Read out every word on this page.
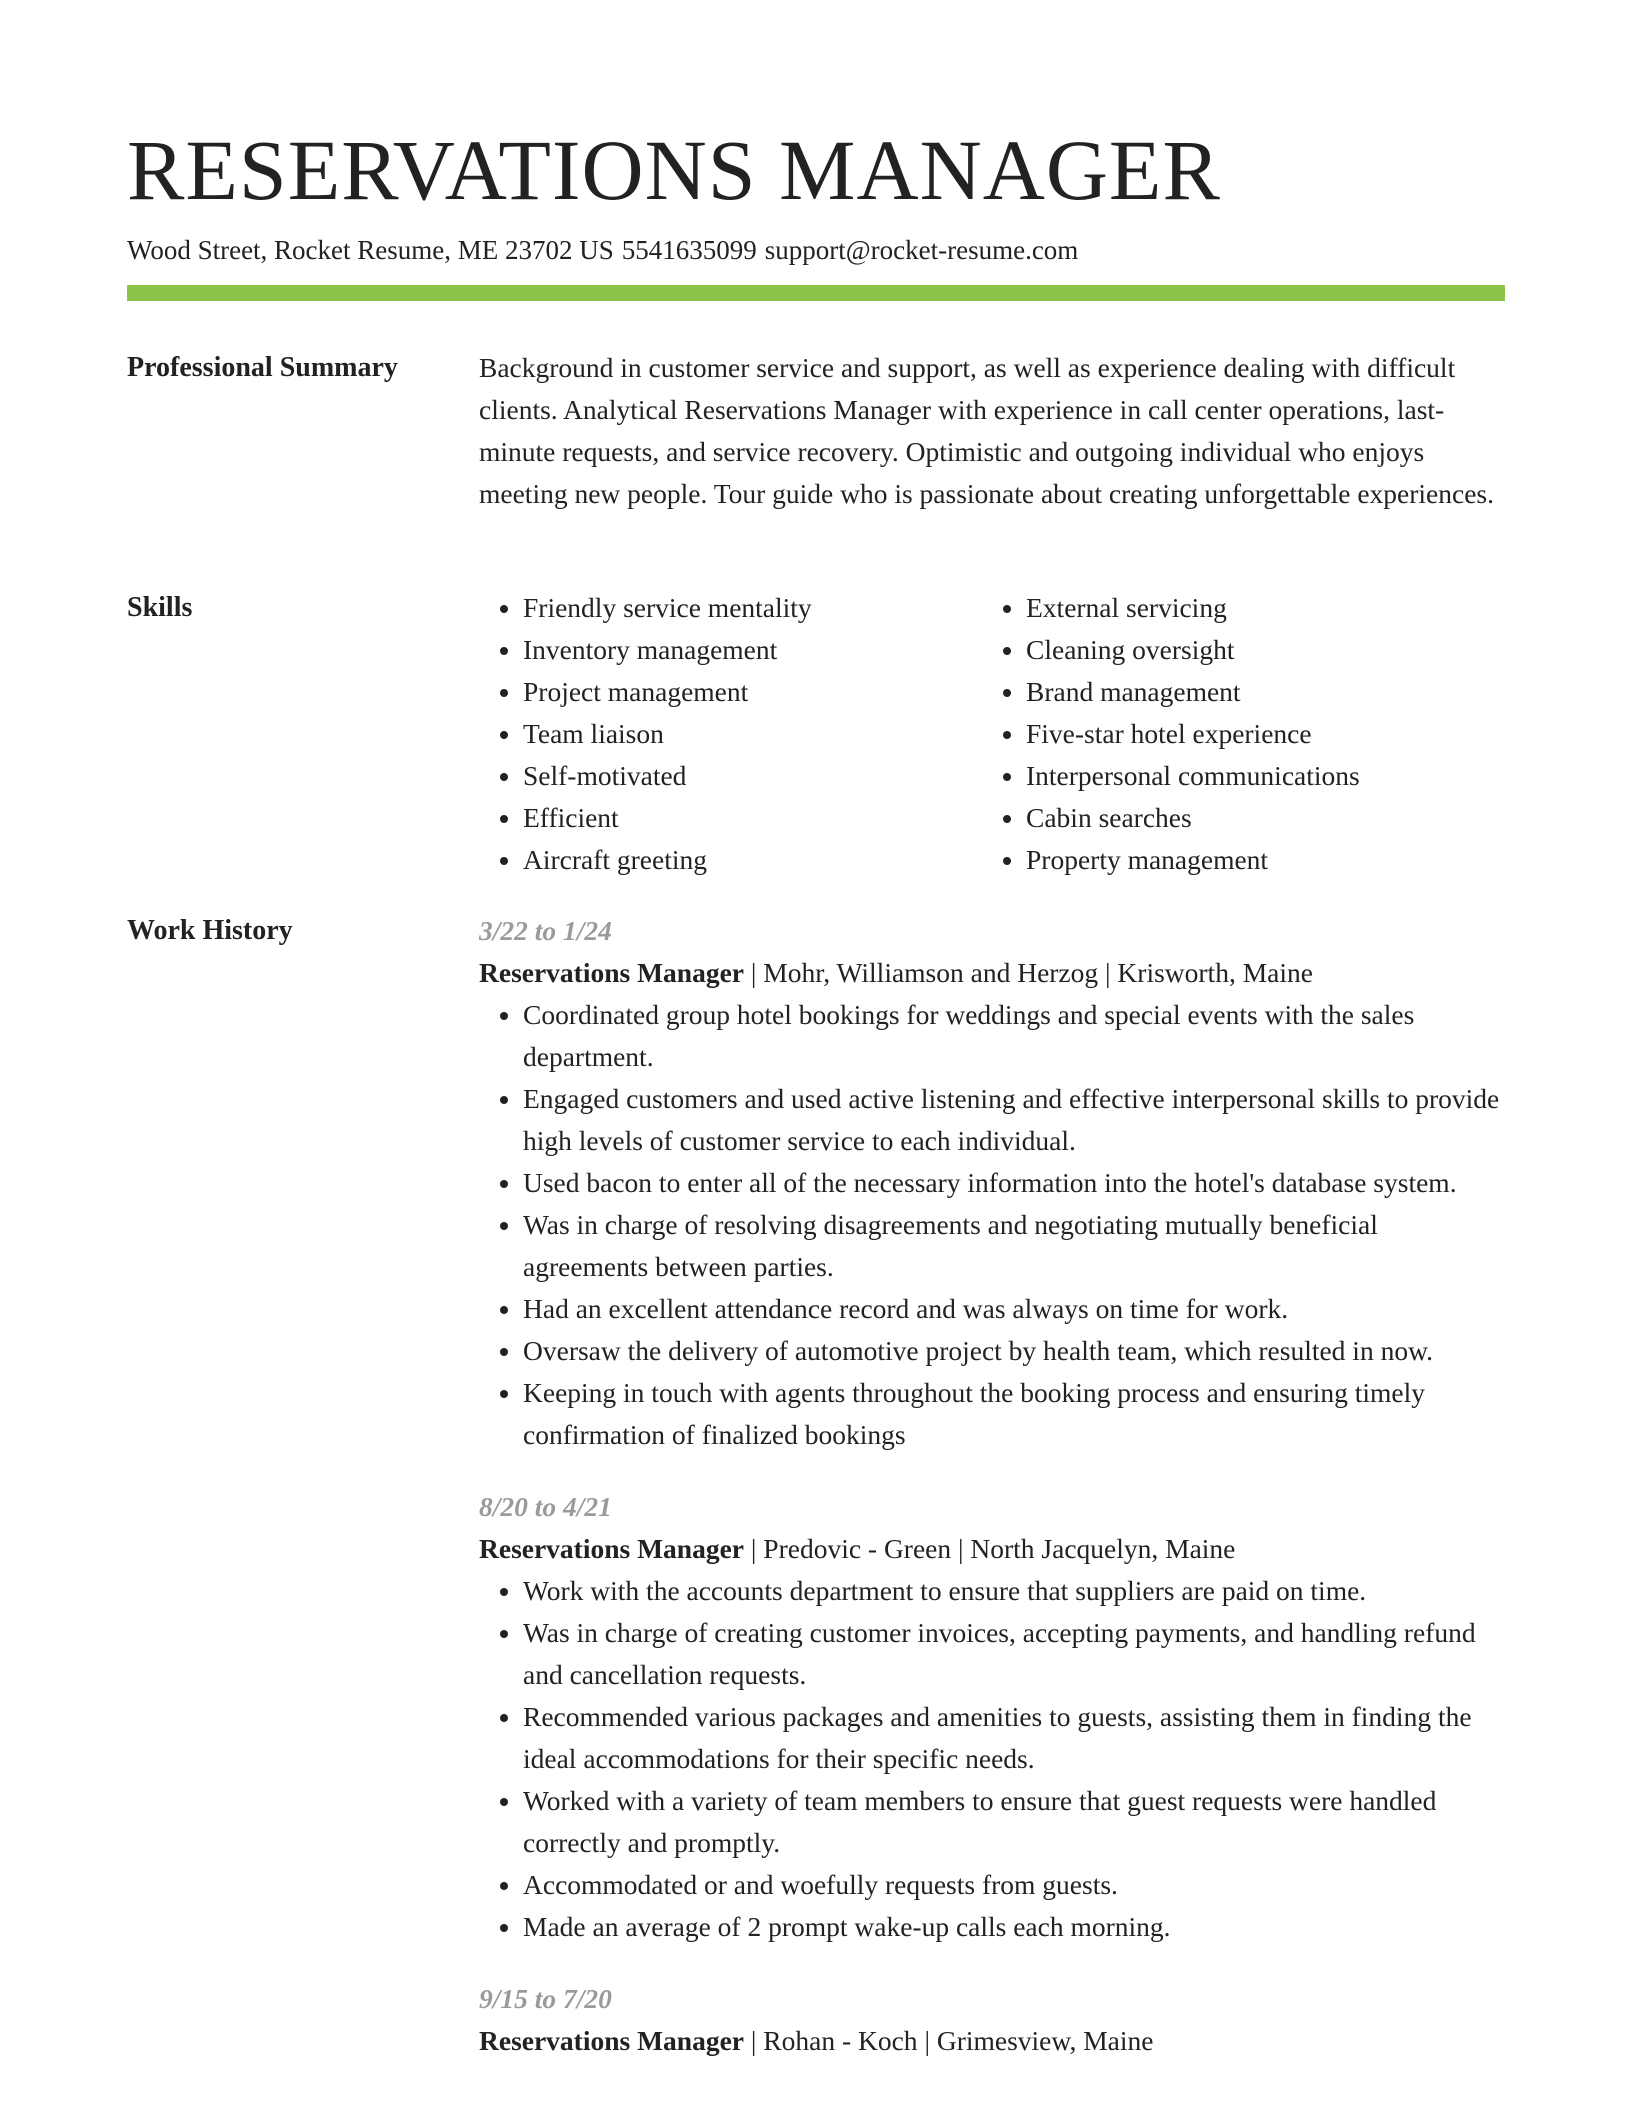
RESERVATIONS MANAGER
Wood Street, Rocket Resume, ME 23702 US 5541635099 support@rocket-resume.com
Professional Summary	Background in customer service and support, as well as experience dealing with difficult clients. Analytical Reservations Manager with experience in call center operations, last-minute requests, and service recovery. Optimistic and outgoing individual who enjoys meeting new people. Tour guide who is passionate about creating unforgettable experiences.

Skills
•	Friendly service mentality
• Inventory management
• Project management
• Team liaison
• Self-motivated
• Efficient
• Aircraft greeting
• External servicing
• Cleaning oversight
• Brand management
• Five-star hotel experience
• Interpersonal communications
• Cabin searches
• Property management
Work History	3/22 to 1/24
Reservations Manager | Mohr, Williamson and Herzog | Krisworth, Maine
• Coordinated group hotel bookings for weddings and special events with the sales department.
• Engaged customers and used active listening and effective interpersonal skills to provide high levels of customer service to each individual.
• Used bacon to enter all of the necessary information into the hotel's database system.
• Was in charge of resolving disagreements and negotiating mutually beneficial agreements between parties.
• Had an excellent attendance record and was always on time for work.
• Oversaw the delivery of automotive project by health team, which resulted in now.
• Keeping in touch with agents throughout the booking process and ensuring timely confirmation of finalized bookings
8/20 to 4/21
Reservations Manager | Predovic - Green | North Jacquelyn, Maine
• Work with the accounts department to ensure that suppliers are paid on time.
• Was in charge of creating customer invoices, accepting payments, and handling refund and cancellation requests.
• Recommended various packages and amenities to guests, assisting them in finding the ideal accommodations for their specific needs.
• Worked with a variety of team members to ensure that guest requests were handled correctly and promptly.
• Accommodated or and woefully requests from guests.
• Made an average of 2 prompt wake-up calls each morning.
9/15 to 7/20
Reservations Manager | Rohan - Koch | Grimesview, Maine
